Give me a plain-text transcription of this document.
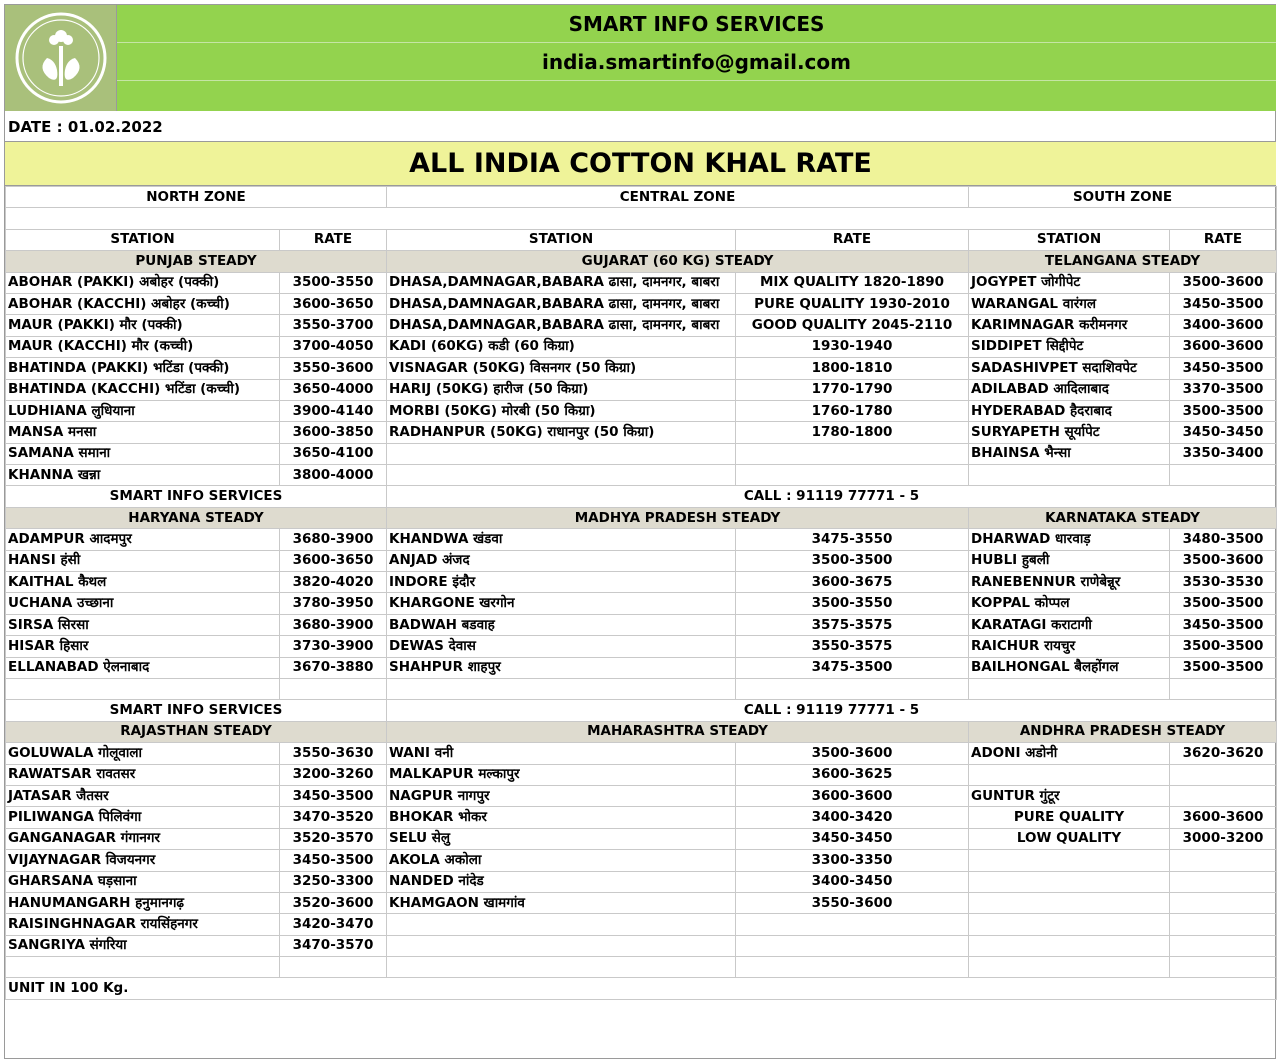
SMART INFO SERVICES
india.smartinfo@gmail.com
DATE : 01.02.2022
ALL INDIA COTTON KHAL RATE
NORTH ZONE		CENTRAL ZONE		SOUTH ZONE	

STATION	RATE	STATION	RATE	STATION	RATE
PUNJAB STEADY		GUJARAT (60 KG) STEADY		TELANGANA STEADY	
ABOHAR (PAKKI) अबोहर (पक्की)	3500-3550	DHASA,DAMNAGAR,BABARA ढासा, दामनगर, बाबरा	MIX QUALITY 1820-1890	JOGYPET जोगीपेट	3500-3600
ABOHAR (KACCHI) अबोहर (कच्ची)	3600-3650	DHASA,DAMNAGAR,BABARA ढासा, दामनगर, बाबरा	PURE QUALITY 1930-2010	WARANGAL वारंगल	3450-3500
MAUR (PAKKI) मौर (पक्की)	3550-3700	DHASA,DAMNAGAR,BABARA ढासा, दामनगर, बाबरा	GOOD QUALITY 2045-2110	KARIMNAGAR करीमनगर	3400-3600
MAUR (KACCHI) मौर (कच्ची)	3700-4050	KADI (60KG) कडी (60 किग्रा)	1930-1940	SIDDIPET सिद्दीपेट	3600-3600
BHATINDA (PAKKI) भटिंडा (पक्की)	3550-3600	VISNAGAR (50KG) विसनगर (50 किग्रा)	1800-1810	SADASHIVPET सदाशिवपेट	3450-3500
BHATINDA (KACCHI) भटिंडा (कच्ची)	3650-4000	HARIJ (50KG) हारीज (50 किग्रा)	1770-1790	ADILABAD आदिलाबाद	3370-3500
LUDHIANA लुधियाना	3900-4140	MORBI (50KG) मोरबी (50 किग्रा)	1760-1780	HYDERABAD हैदराबाद	3500-3500
MANSA मनसा	3600-3850	RADHANPUR (50KG) राधानपुर (50 किग्रा)	1780-1800	SURYAPETH सूर्यापेट	3450-3450
SAMANA समाना	3650-4100			BHAINSA भैन्सा	3350-3400
KHANNA खन्ना	3800-4000				
SMART INFO SERVICES		CALL : 91119 77771 - 5			
HARYANA STEADY		MADHYA PRADESH STEADY		KARNATAKA STEADY	
ADAMPUR आदमपुर	3680-3900	KHANDWA खंडवा	3475-3550	DHARWAD धारवाड़	3480-3500
HANSI हंसी	3600-3650	ANJAD अंजद	3500-3500	HUBLI हुबली	3500-3600
KAITHAL कैथल	3820-4020	INDORE इंदौर	3600-3675	RANEBENNUR राणेबेन्नूर	3530-3530
UCHANA उच्छाना	3780-3950	KHARGONE खरगोन	3500-3550	KOPPAL कोप्पल	3500-3500
SIRSA सिरसा	3680-3900	BADWAH बडवाह	3575-3575	KARATAGI कराटागी	3450-3500
HISAR हिसार	3730-3900	DEWAS देवास	3550-3575	RAICHUR रायचुर	3500-3500
ELLANABAD ऐलनाबाद	3670-3880	SHAHPUR शाहपुर	3475-3500	BAILHONGAL बैलहोंगल	3500-3500

SMART INFO SERVICES		CALL : 91119 77771 - 5			
RAJASTHAN STEADY		MAHARASHTRA STEADY		ANDHRA PRADESH STEADY	
GOLUWALA गोलूवाला	3550-3630	WANI वनी	3500-3600	ADONI अडोनी	3620-3620
RAWATSAR रावतसर	3200-3260	MALKAPUR मल्कापुर	3600-3625		
JATASAR जैतसर	3450-3500	NAGPUR नागपुर	3600-3600	GUNTUR गुंटूर	
PILIWANGA पिलिवंगा	3470-3520	BHOKAR भोकर	3400-3420	PURE QUALITY	3600-3600
GANGANAGAR गंगानगर	3520-3570	SELU सेलु	3450-3450	LOW QUALITY	3000-3200
VIJAYNAGAR विजयनगर	3450-3500	AKOLA अकोला	3300-3350		
GHARSANA घड़साना	3250-3300	NANDED नांदेड	3400-3450		
HANUMANGARH हनुमानगढ़	3520-3600	KHAMGAON खामगांव	3550-3600		
RAISINGHNAGAR रायसिंहनगर	3420-3470				
SANGRIYA संगरिया	3470-3570				

UNIT IN 100 Kg.					
